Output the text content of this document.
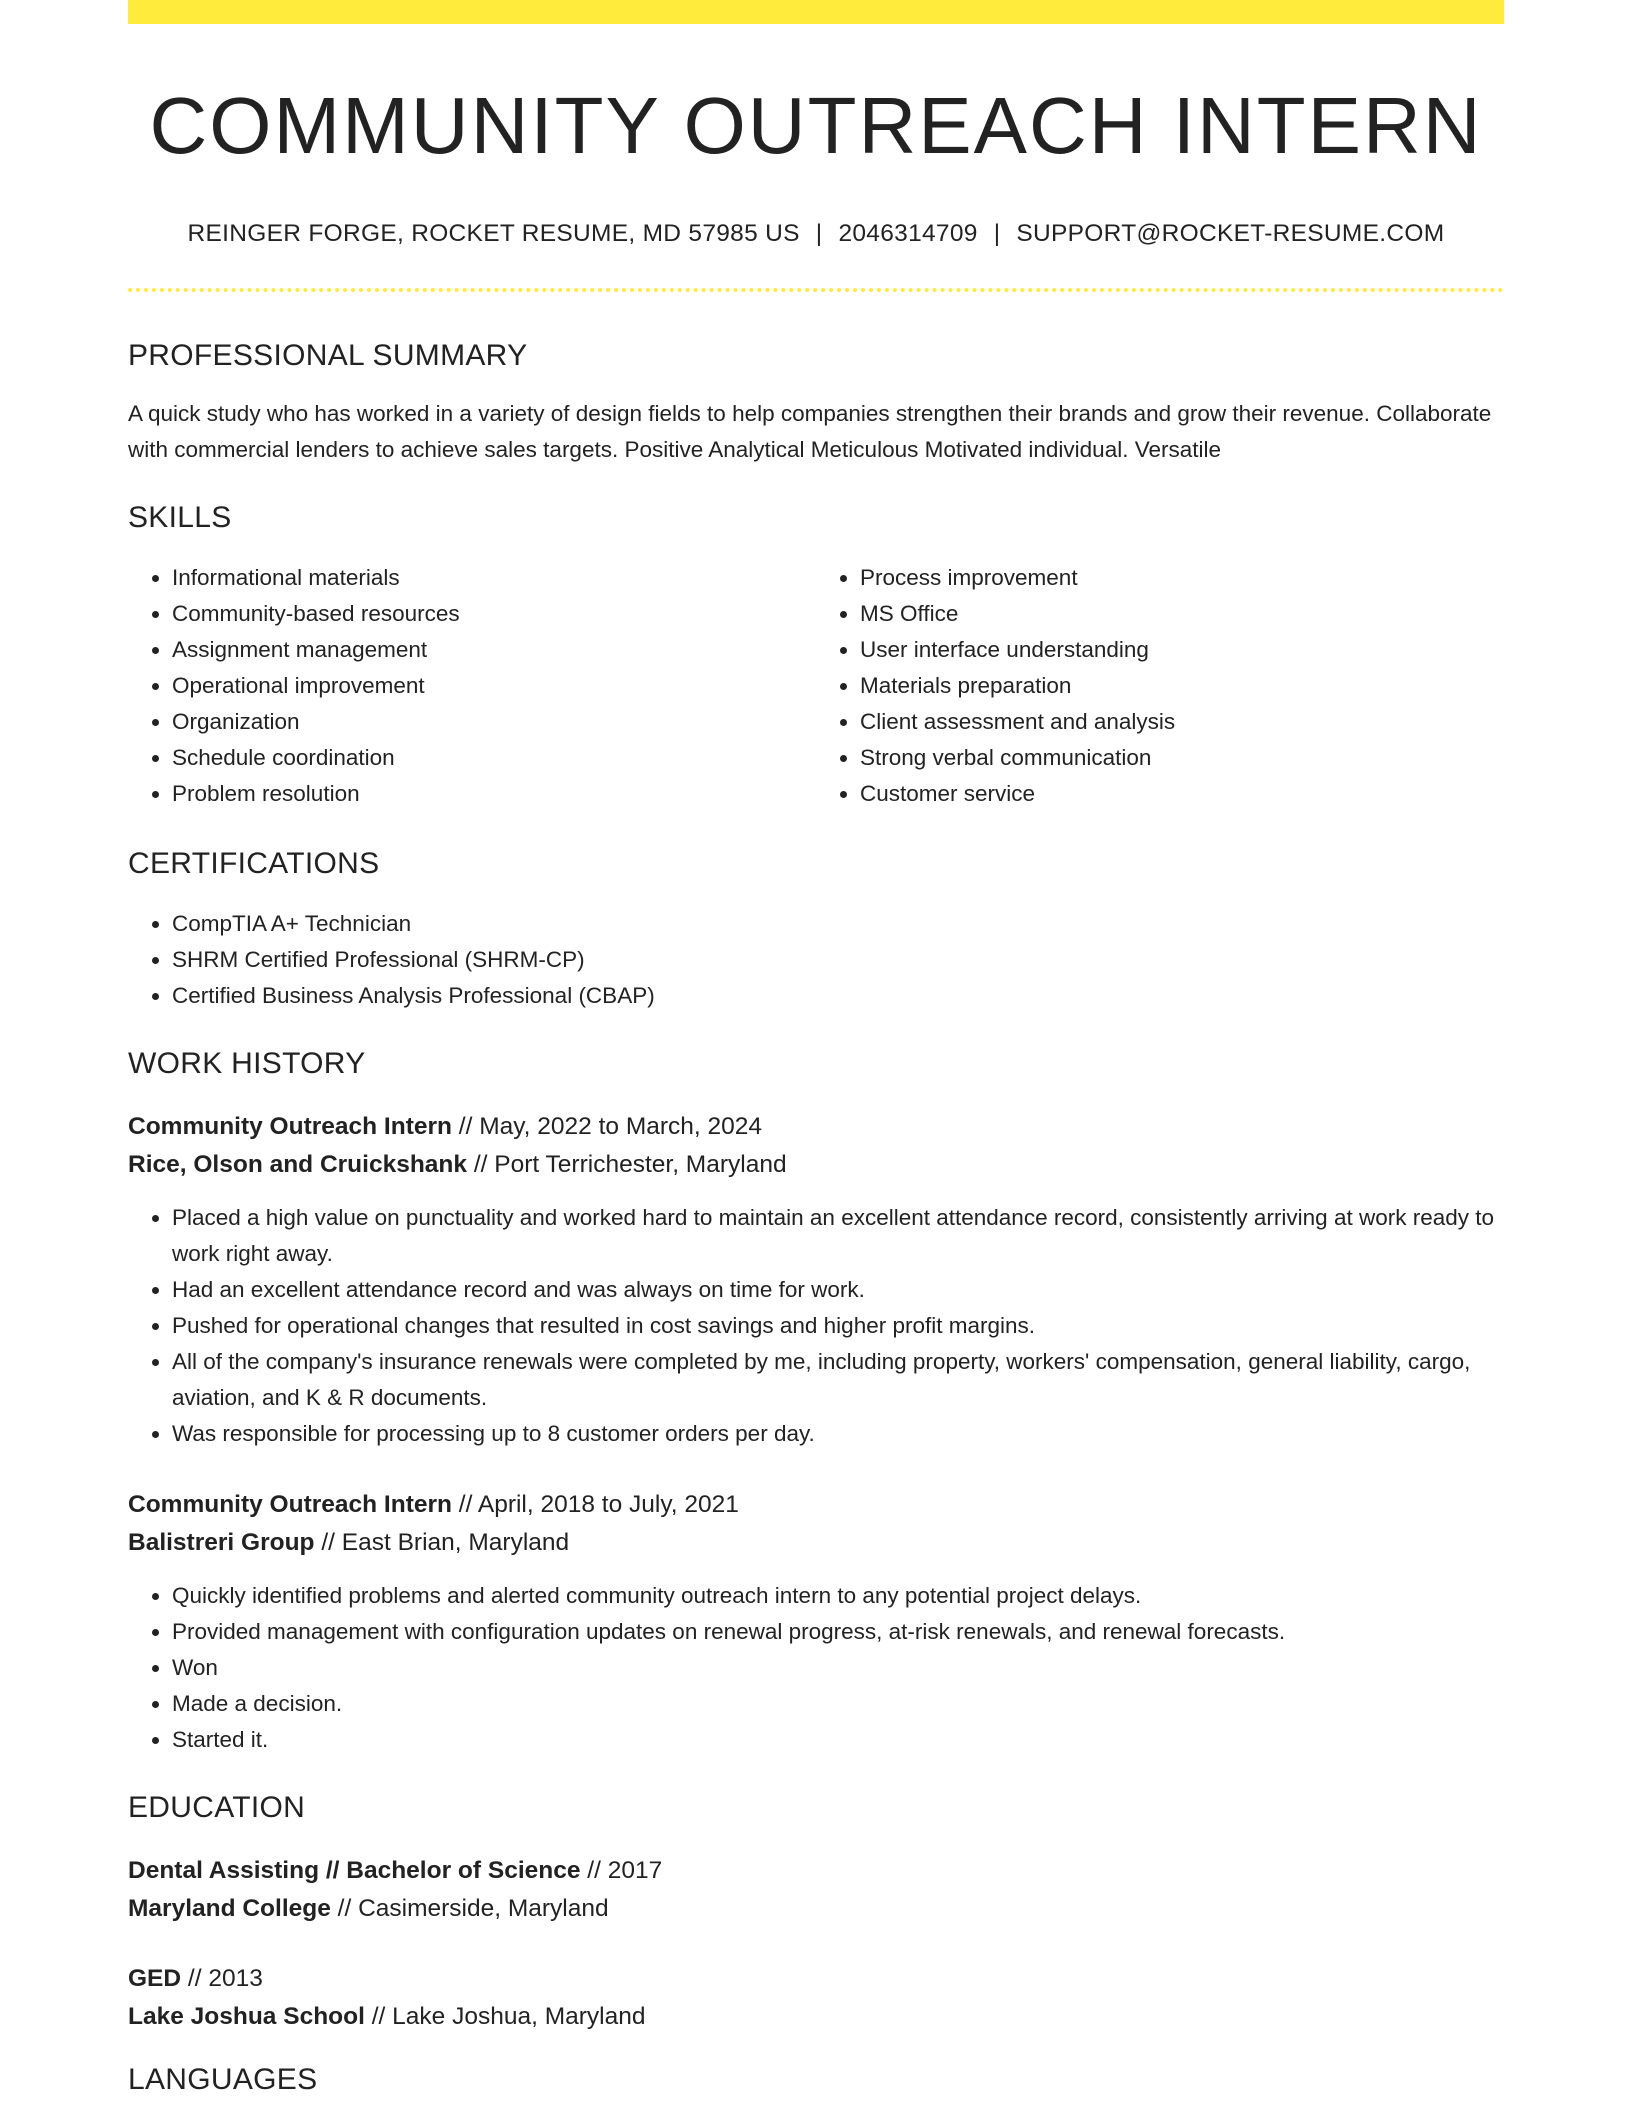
COMMUNITY OUTREACH INTERN
REINGER FORGE, ROCKET RESUME, MD 57985 US | 2046314709 | SUPPORT@ROCKET-RESUME.COM
PROFESSIONAL SUMMARY
A quick study who has worked in a variety of design fields to help companies strengthen their brands and grow their revenue. Collaborate with commercial lenders to achieve sales targets. Positive Analytical Meticulous Motivated individual. Versatile
SKILLS
• Informational materials
• Community-based resources
• Assignment management
• Operational improvement
• Organization
• Schedule coordination
• Problem resolution
• Process improvement
• MS Office
• User interface understanding
• Materials preparation
• Client assessment and analysis
• Strong verbal communication
• Customer service
CERTIFICATIONS
• CompTIA A+ Technician
• SHRM Certified Professional (SHRM-CP)
• Certified Business Analysis Professional (CBAP)
WORK HISTORY
Community Outreach Intern // May, 2022 to March, 2024
Rice, Olson and Cruickshank // Port Terrichester, Maryland
• Placed a high value on punctuality and worked hard to maintain an excellent attendance record, consistently arriving at work ready to work right away.
• Had an excellent attendance record and was always on time for work.
• Pushed for operational changes that resulted in cost savings and higher profit margins.
• All of the company's insurance renewals were completed by me, including property, workers' compensation, general liability, cargo, aviation, and K & R documents.
• Was responsible for processing up to 8 customer orders per day.
Community Outreach Intern // April, 2018 to July, 2021
Balistreri Group // East Brian, Maryland
• Quickly identified problems and alerted community outreach intern to any potential project delays.
• Provided management with configuration updates on renewal progress, at-risk renewals, and renewal forecasts.
• Won
• Made a decision.
• Started it.
EDUCATION
Dental Assisting // Bachelor of Science // 2017
Maryland College // Casimerside, Maryland
GED // 2013
Lake Joshua School // Lake Joshua, Maryland
LANGUAGES
